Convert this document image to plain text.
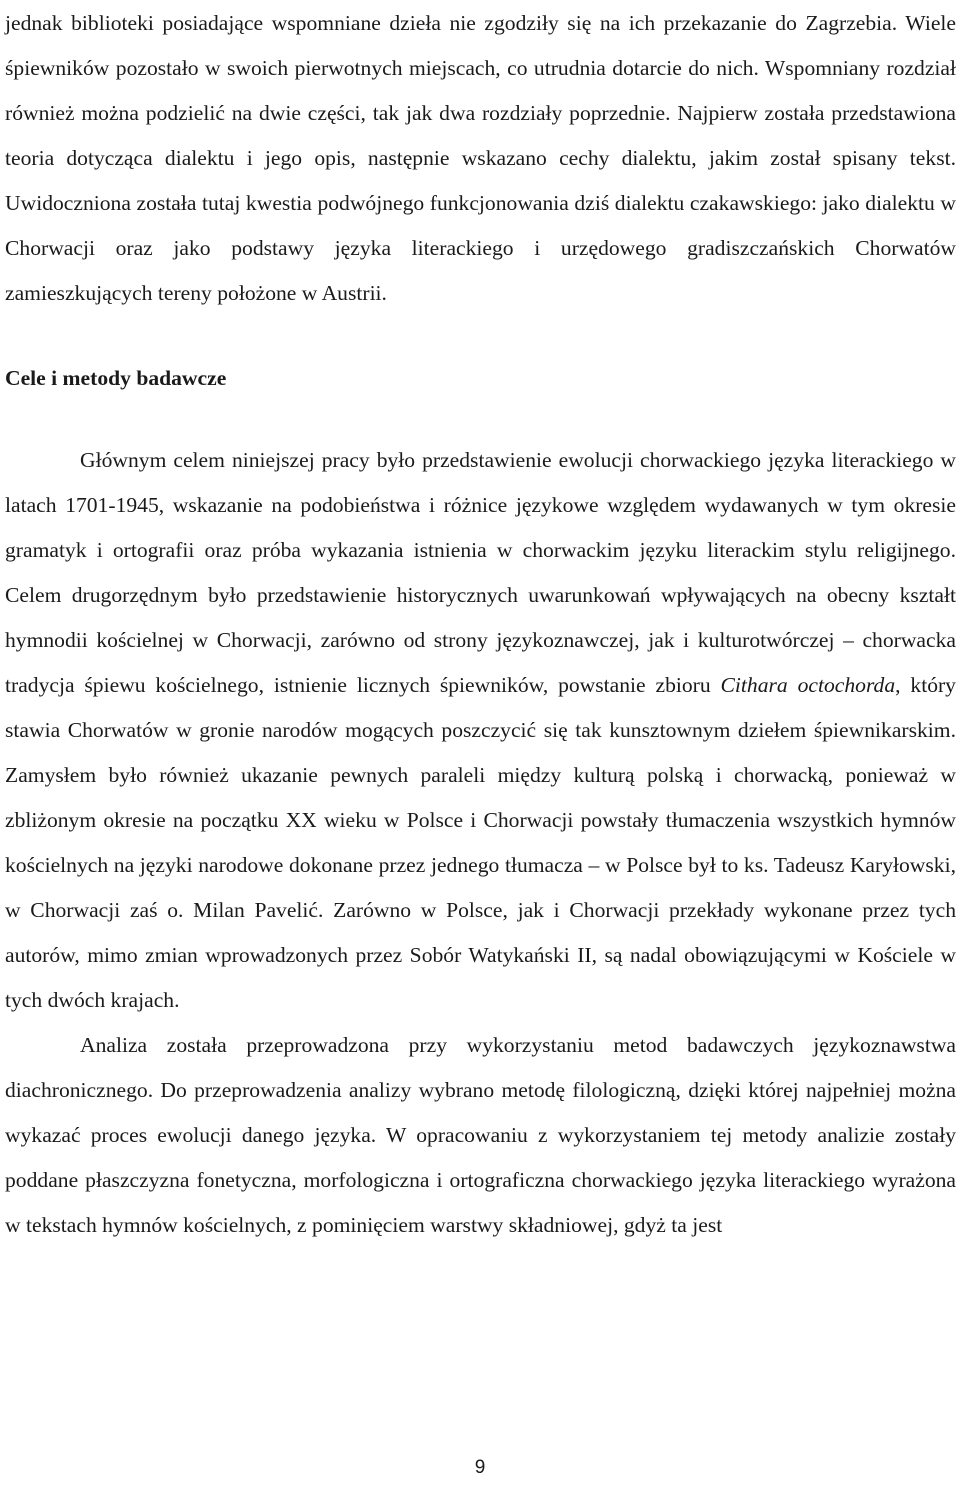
jednak biblioteki posiadające wspomniane dzieła nie zgodziły się na ich przekazanie do Zagrzebia. Wiele śpiewników pozostało w swoich pierwotnych miejscach, co utrudnia dotarcie do nich. Wspomniany rozdział również można podzielić na dwie części, tak jak dwa rozdziały poprzednie. Najpierw została przedstawiona teoria dotycząca dialektu i jego opis, następnie wskazano cechy dialektu, jakim został spisany tekst. Uwidoczniona została tutaj kwestia podwójnego funkcjonowania dziś dialektu czakawskiego: jako dialektu w Chorwacji oraz jako podstawy języka literackiego i urzędowego gradiszczańskich Chorwatów zamieszkujących tereny położone w Austrii.

Cele i metody badawcze

Głównym celem niniejszej pracy było przedstawienie ewolucji chorwackiego języka literackiego w latach 1701-1945, wskazanie na podobieństwa i różnice językowe względem wydawanych w tym okresie gramatyk i ortografii oraz próba wykazania istnienia w chorwackim języku literackim stylu religijnego. Celem drugorzędnym było przedstawienie historycznych uwarunkowań wpływających na obecny kształt hymnodii kościelnej w Chorwacji, zarówno od strony językoznawczej, jak i kulturotwórczej – chorwacka tradycja śpiewu kościelnego, istnienie licznych śpiewników, powstanie zbioru Cithara octochorda, który stawia Chorwatów w gronie narodów mogących poszczycić się tak kunsztownym dziełem śpiewnikarskim. Zamysłem było również ukazanie pewnych paraleli między kulturą polską i chorwacką, ponieważ w zbliżonym okresie na początku XX wieku w Polsce i Chorwacji powstały tłumaczenia wszystkich hymnów kościelnych na języki narodowe dokonane przez jednego tłumacza – w Polsce był to ks. Tadeusz Karyłowski, w Chorwacji zaś o. Milan Pavelić. Zarówno w Polsce, jak i Chorwacji przekłady wykonane przez tych autorów, mimo zmian wprowadzonych przez Sobór Watykański II, są nadal obowiązującymi w Kościele w tych dwóch krajach.

Analiza została przeprowadzona przy wykorzystaniu metod badawczych językoznawstwa diachronicznego. Do przeprowadzenia analizy wybrano metodę filologiczną, dzięki której najpełniej można wykazać proces ewolucji danego języka. W opracowaniu z wykorzystaniem tej metody analizie zostały poddane płaszczyzna fonetyczna, morfologiczna i ortograficzna chorwackiego języka literackiego wyrażona w tekstach hymnów kościelnych, z pominięciem warstwy składniowej, gdyż ta jest

9
